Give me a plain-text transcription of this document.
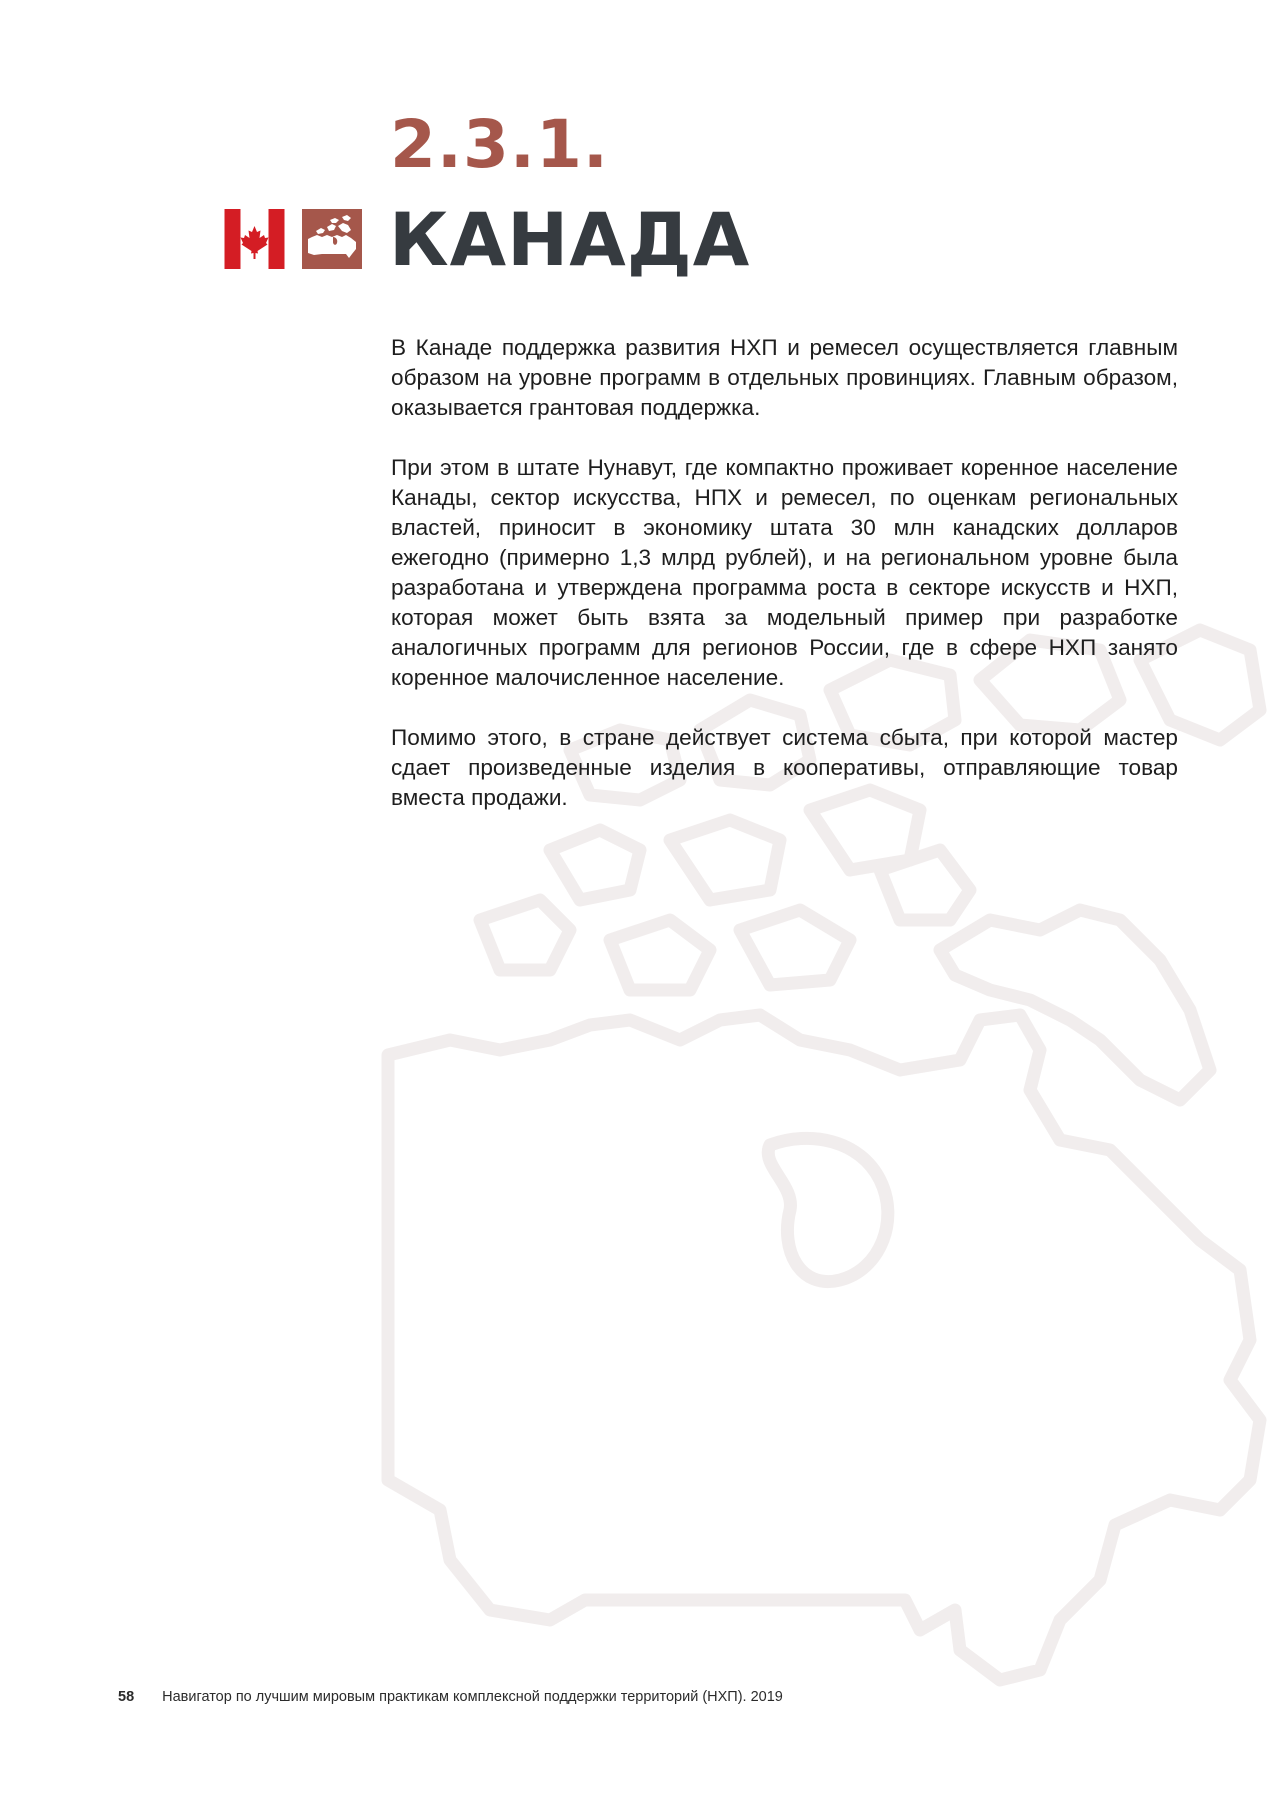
2.3.1.
КАНАДА

В Канаде поддержка развития НХП и ремесел осуществляется главным образом на уровне программ в отдельных провинциях. Главным образом, оказывается грантовая поддержка.

При этом в штате Нунавут, где компактно проживает коренное население Канады, сектор искусства, НПХ и ремесел, по оценкам региональных властей, приносит в экономику штата 30 млн канадских долларов ежегодно (примерно 1,3 млрд рублей), и на региональном уровне была разработана и утверждена программа роста в секторе искусств и НХП, которая может быть взята за модельный пример при разработке аналогичных программ для регионов России, где в сфере НХП занято коренное малочисленное население.

Помимо этого, в стране действует система сбыта, при которой мастер сдает произведенные изделия в кооперативы, отправляющие товар вместа продажи.

58 Навигатор по лучшим мировым практикам комплексной поддержки территорий (НХП). 2019
